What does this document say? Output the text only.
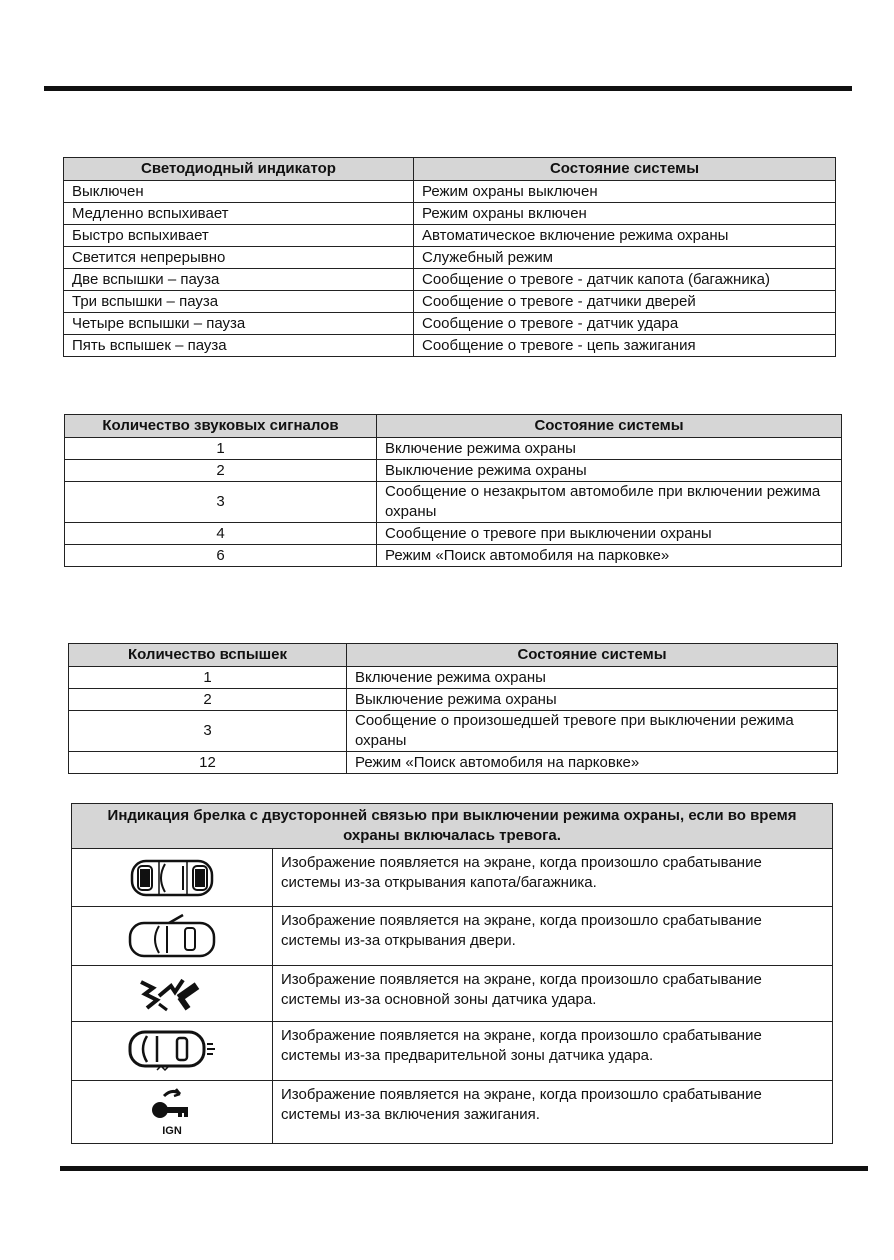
Светодиодный индикатор	Состояние системы
Выключен	Режим охраны выключен
Медленно вспыхивает	Режим охраны включен
Быстро вспыхивает	Автоматическое включение режима охраны
Светится непрерывно	Служебный режим
Две вспышки – пауза	Сообщение о тревоге - датчик капота (багажника)
Три вспышки – пауза	Сообщение о тревоге - датчики дверей
Четыре вспышки – пауза	Сообщение о тревоге - датчик удара
Пять вспышек – пауза	Сообщение о тревоге - цепь зажигания
Количество звуковых сигналов	Состояние системы
1	Включение режима охраны
2	Выключение режима охраны
3	Сообщение о незакрытом автомобиле при включении режима охраны
4	Сообщение о тревоге при выключении охраны
6	Режим «Поиск автомобиля на парковке»
Количество вспышек	Состояние системы
1	Включение режима охраны
2	Выключение режима охраны
3	Сообщение о произошедшей тревоге при выключении режима охраны
12	Режим «Поиск автомобиля на парковке»
Индикация брелка с двусторонней связью при выключении режима охраны, если во время охраны включалась тревога.	

	Изображение появляется на экране, когда произошло срабатывание системы из-за открывания капота/багажника.

	Изображение появляется на экране, когда произошло срабатывание системы из-за открывания двери.

	Изображение появляется на экране, когда произошло срабатывание системы из-за основной зоны датчика удара.

	Изображение появляется на экране, когда произошло срабатывание системы из-за предварительной зоны датчика удара.

IGN	Изображение появляется на экране, когда произошло срабатывание системы из-за включения зажигания.
